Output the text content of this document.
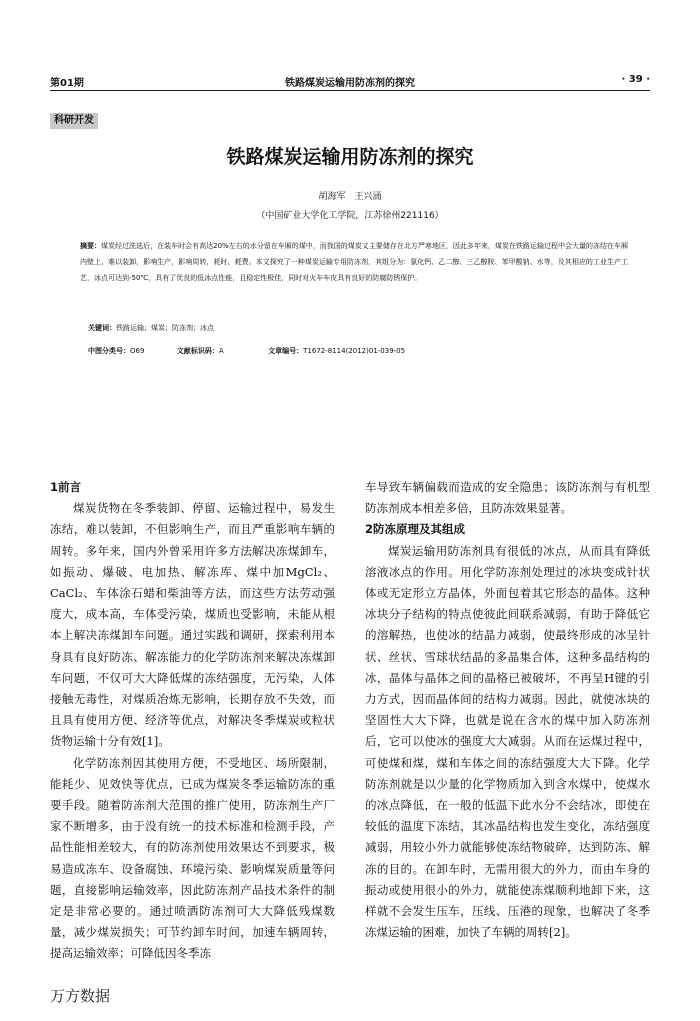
第01期	铁路煤炭运输用防冻剂的探究	· 39 ·
科研开发
铁路煤炭运输用防冻剂的探究
胡海军　王兴涌
（中国矿业大学化工学院，江苏徐州221116）
摘要：煤炭经过洗选后，在装车时会有高达20%左右的水分留在车厢的煤中，而我国的煤炭又主要储存在北方严寒地区，因此多年来，煤炭在铁路运输过程中会大量的冻结在车厢内壁上，难以装卸，影响生产，影响周转，耗时、耗费。本文探究了一种煤炭运输专用防冻剂，其组分为：氯化钙、乙二醇、三乙醇胺、苯甲酸钠、水等，及其相应的工业生产工艺，冰点可达到-50℃，具有了优良的低冰点性能，且稳定性极佳，同时对火车车皮具有良好的防腐防锈保护。
关键词：铁路运输；煤炭；防冻剂；冰点
中图分类号：O69	文献标识码：A	文章编号：T1672-8114(2012)01-039-05
1前言

煤炭货物在冬季装卸、停留、运输过程中，易发生冻结，难以装卸，不但影响生产，而且严重影响车辆的周转。多年来，国内外曾采用许多方法解决冻煤卸车，如振动、爆破、电加热、解冻库、煤中加MgCl₂、CaCl₂、车体涂石蜡和柴油等方法，而这些方法劳动强度大，成本高，车体受污染，煤质也受影响，未能从根本上解决冻煤卸车问题。通过实践和调研，探索利用本身具有良好防冻、解冻能力的化学防冻剂来解决冻煤卸车问题，不仅可大大降低煤的冻结强度，无污染，人体接触无毒性，对煤质冶炼无影响，长期存放不失效，而且具有使用方便、经济等优点，对解决冬季煤炭或粒状货物运输十分有效[1]。

化学防冻剂因其使用方便，不受地区、场所限制，能耗少、见效快等优点，已成为煤炭冬季运输防冻的重要手段。随着防冻剂大范围的推广使用，防冻剂生产厂家不断增多，由于没有统一的技术标准和检测手段，产品性能相差较大，有的防冻剂使用效果达不到要求，极易造成冻车、设备腐蚀、环境污染、影响煤炭质量等问题，直接影响运输效率，因此防冻剂产品技术条件的制定是非常必要的。通过喷洒防冻剂可大大降低残煤数量，减少煤炭损失；可节约卸车时间，加速车辆周转，提高运输效率；可降低因冬季冻

车导致车辆偏载而造成的安全隐患；该防冻剂与有机型防冻剂成本相差多倍，且防冻效果显著。

2防冻原理及其组成

煤炭运输用防冻剂具有很低的冰点，从而具有降低溶液冰点的作用。用化学防冻剂处理过的冰块变成针状体或无定形立方晶体，外面包着其它形态的晶体。这种冰块分子结构的特点使彼此间联系减弱，有助于降低它的溶解热，也使冰的结晶力减弱，使最终形成的冰呈针状、丝状、雪球状结晶的多晶集合体，这种多晶结构的冰，晶体与晶体之间的晶格已被破坏，不再呈H键的引力方式，因而晶体间的结构力减弱。因此，就使冰块的坚固性大大下降，也就是说在含水的煤中加入防冻剂后，它可以使冰的强度大大减弱。从而在运煤过程中，可使煤和煤，煤和车体之间的冻结强度大大下降。化学防冻剂就是以少量的化学物质加入到含水煤中，使煤水的冰点降低，在一般的低温下此水分不会结冰，即使在较低的温度下冻结，其冰晶结构也发生变化，冻结强度减弱，用较小外力就能够使冻结物破碎，达到防冻、解冻的目的。在卸车时，无需用很大的外力，而由车身的振动或使用很小的外力，就能使冻煤顺利地卸下来，这样就不会发生压车，压线、压港的现象，也解决了冬季冻煤运输的困难，加快了车辆的周转[2]。

万方数据
